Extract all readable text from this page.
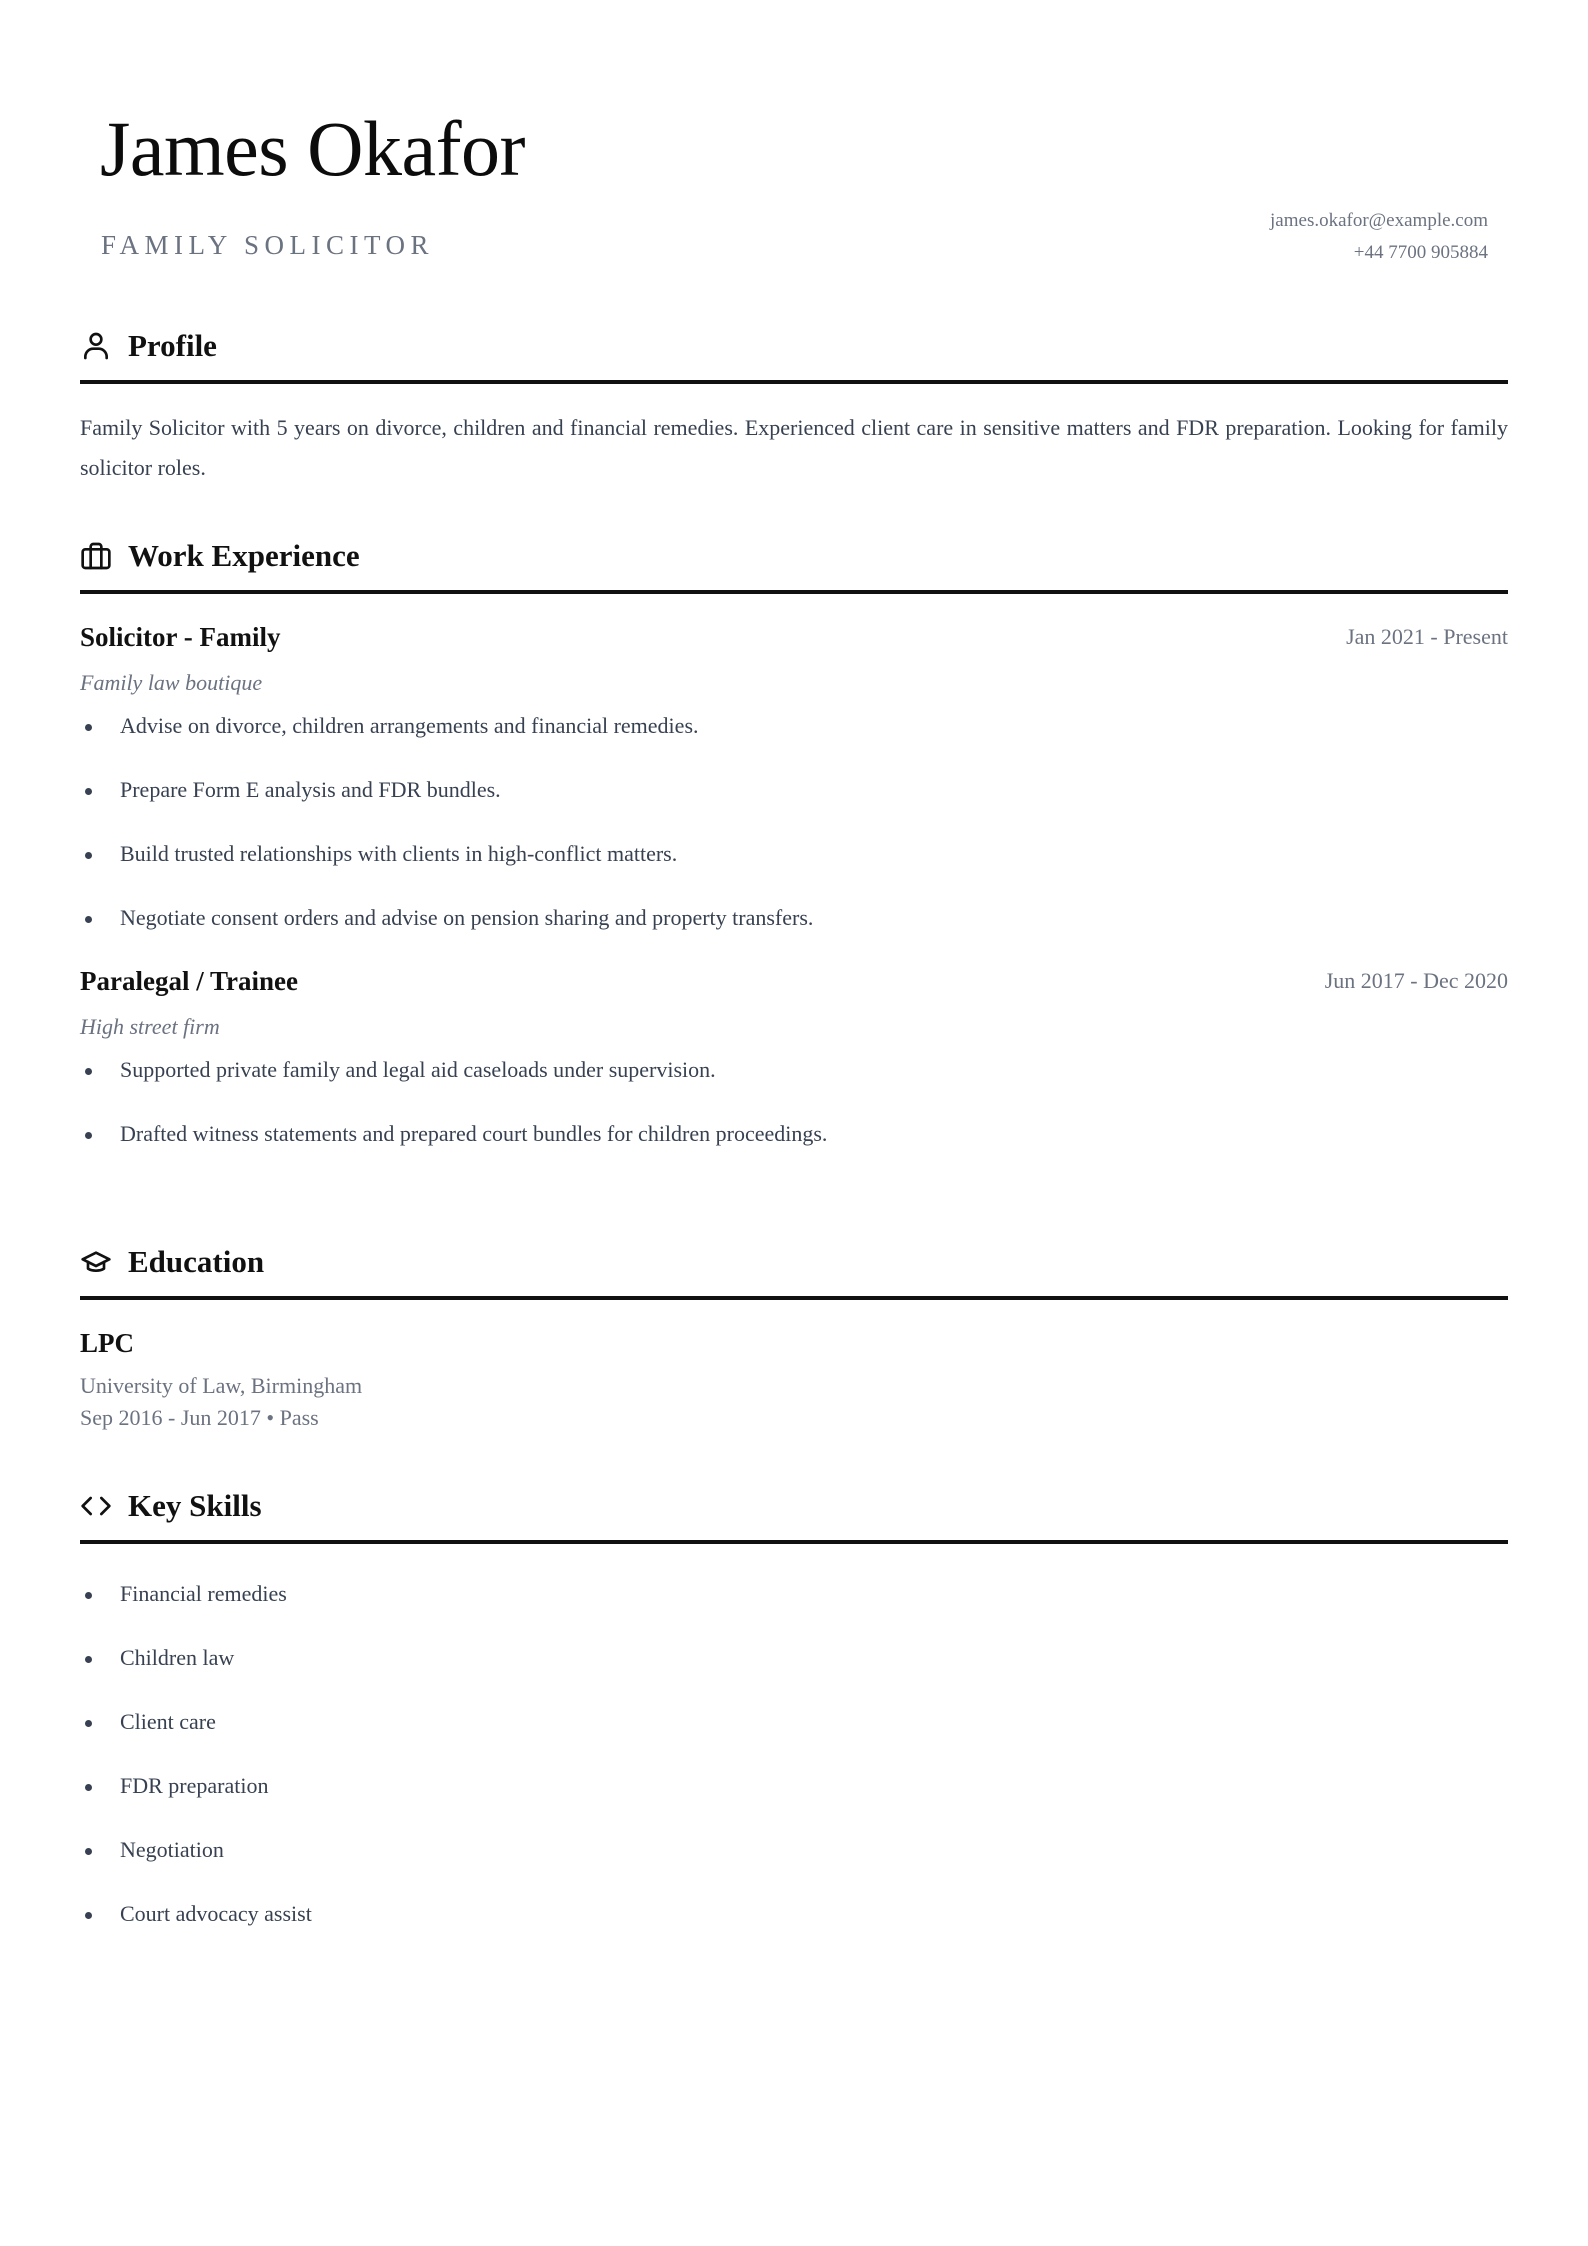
James Okafor
FAMILY SOLICITOR
james.okafor@example.com
+44 7700 905884
Profile
Family Solicitor with 5 years on divorce, children and financial remedies. Experienced client care in sensitive matters and FDR preparation. Looking for family solicitor roles.
Work Experience
Solicitor - Family	Jan 2021 - Present
Family law boutique
Advise on divorce, children arrangements and financial remedies.
Prepare Form E analysis and FDR bundles.
Build trusted relationships with clients in high-conflict matters.
Negotiate consent orders and advise on pension sharing and property transfers.
Paralegal / Trainee	Jun 2017 - Dec 2020
High street firm
Supported private family and legal aid caseloads under supervision.
Drafted witness statements and prepared court bundles for children proceedings.
Education
LPC
University of Law, Birmingham
Sep 2016 - Jun 2017 • Pass
Key Skills
Financial remedies
Children law
Client care
FDR preparation
Negotiation
Court advocacy assist
